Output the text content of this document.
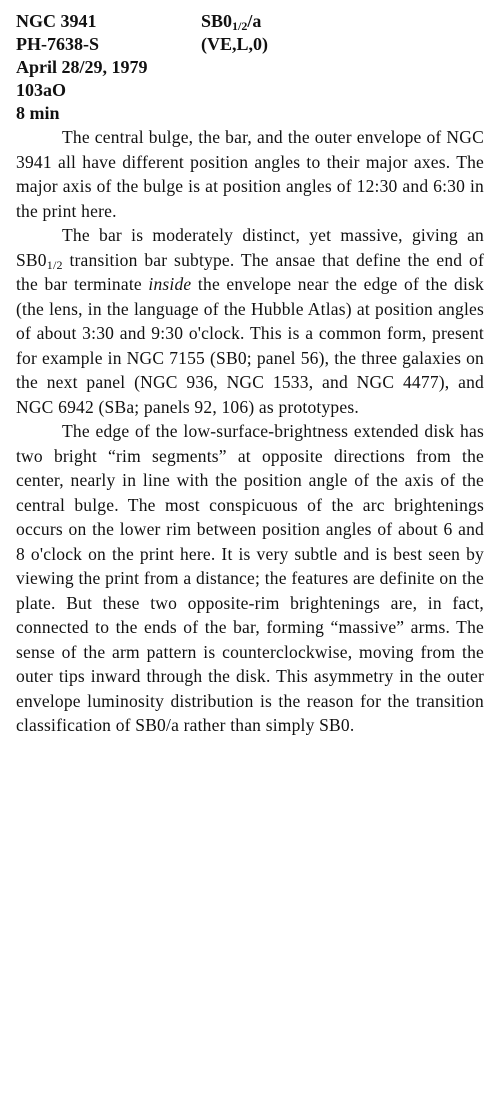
NGC 3941	$SB0_{1/2}/a$
PH-7638-S	(VE,L,0)
April 28/29, 1979
103aO
8 min

The central bulge, the bar, and the outer envelope of NGC 3941 all have different position angles to their major axes. The major axis of the bulge is at position angles of 12:30 and 6:30 in the print here.

The bar is moderately distinct, yet massive, giving an $SB0_{1/2}$ transition bar subtype. The ansae that define the end of the bar terminate inside the envelope near the edge of the disk (the lens, in the language of the Hubble Atlas) at position angles of about 3:30 and 9:30 o'clock. This is a common form, present for example in NGC 7155 (SB0; panel 56), the three galaxies on the next panel (NGC 936, NGC 1533, and NGC 4477), and NGC 6942 (SBa; panels 92, 106) as prototypes.

The edge of the low-surface-brightness extended disk has two bright “rim segments” at opposite directions from the center, nearly in line with the position angle of the axis of the central bulge. The most conspicuous of the arc brightenings occurs on the lower rim between position angles of about 6 and 8 o'clock on the print here. It is very subtle and is best seen by viewing the print from a distance; the features are definite on the plate. But these two opposite-rim brightenings are, in fact, connected to the ends of the bar, forming “massive” arms. The sense of the arm pattern is counterclockwise, moving from the outer tips inward through the disk. This asymmetry in the outer envelope luminosity distribution is the reason for the transition classification of SB0/a rather than simply SB0.
